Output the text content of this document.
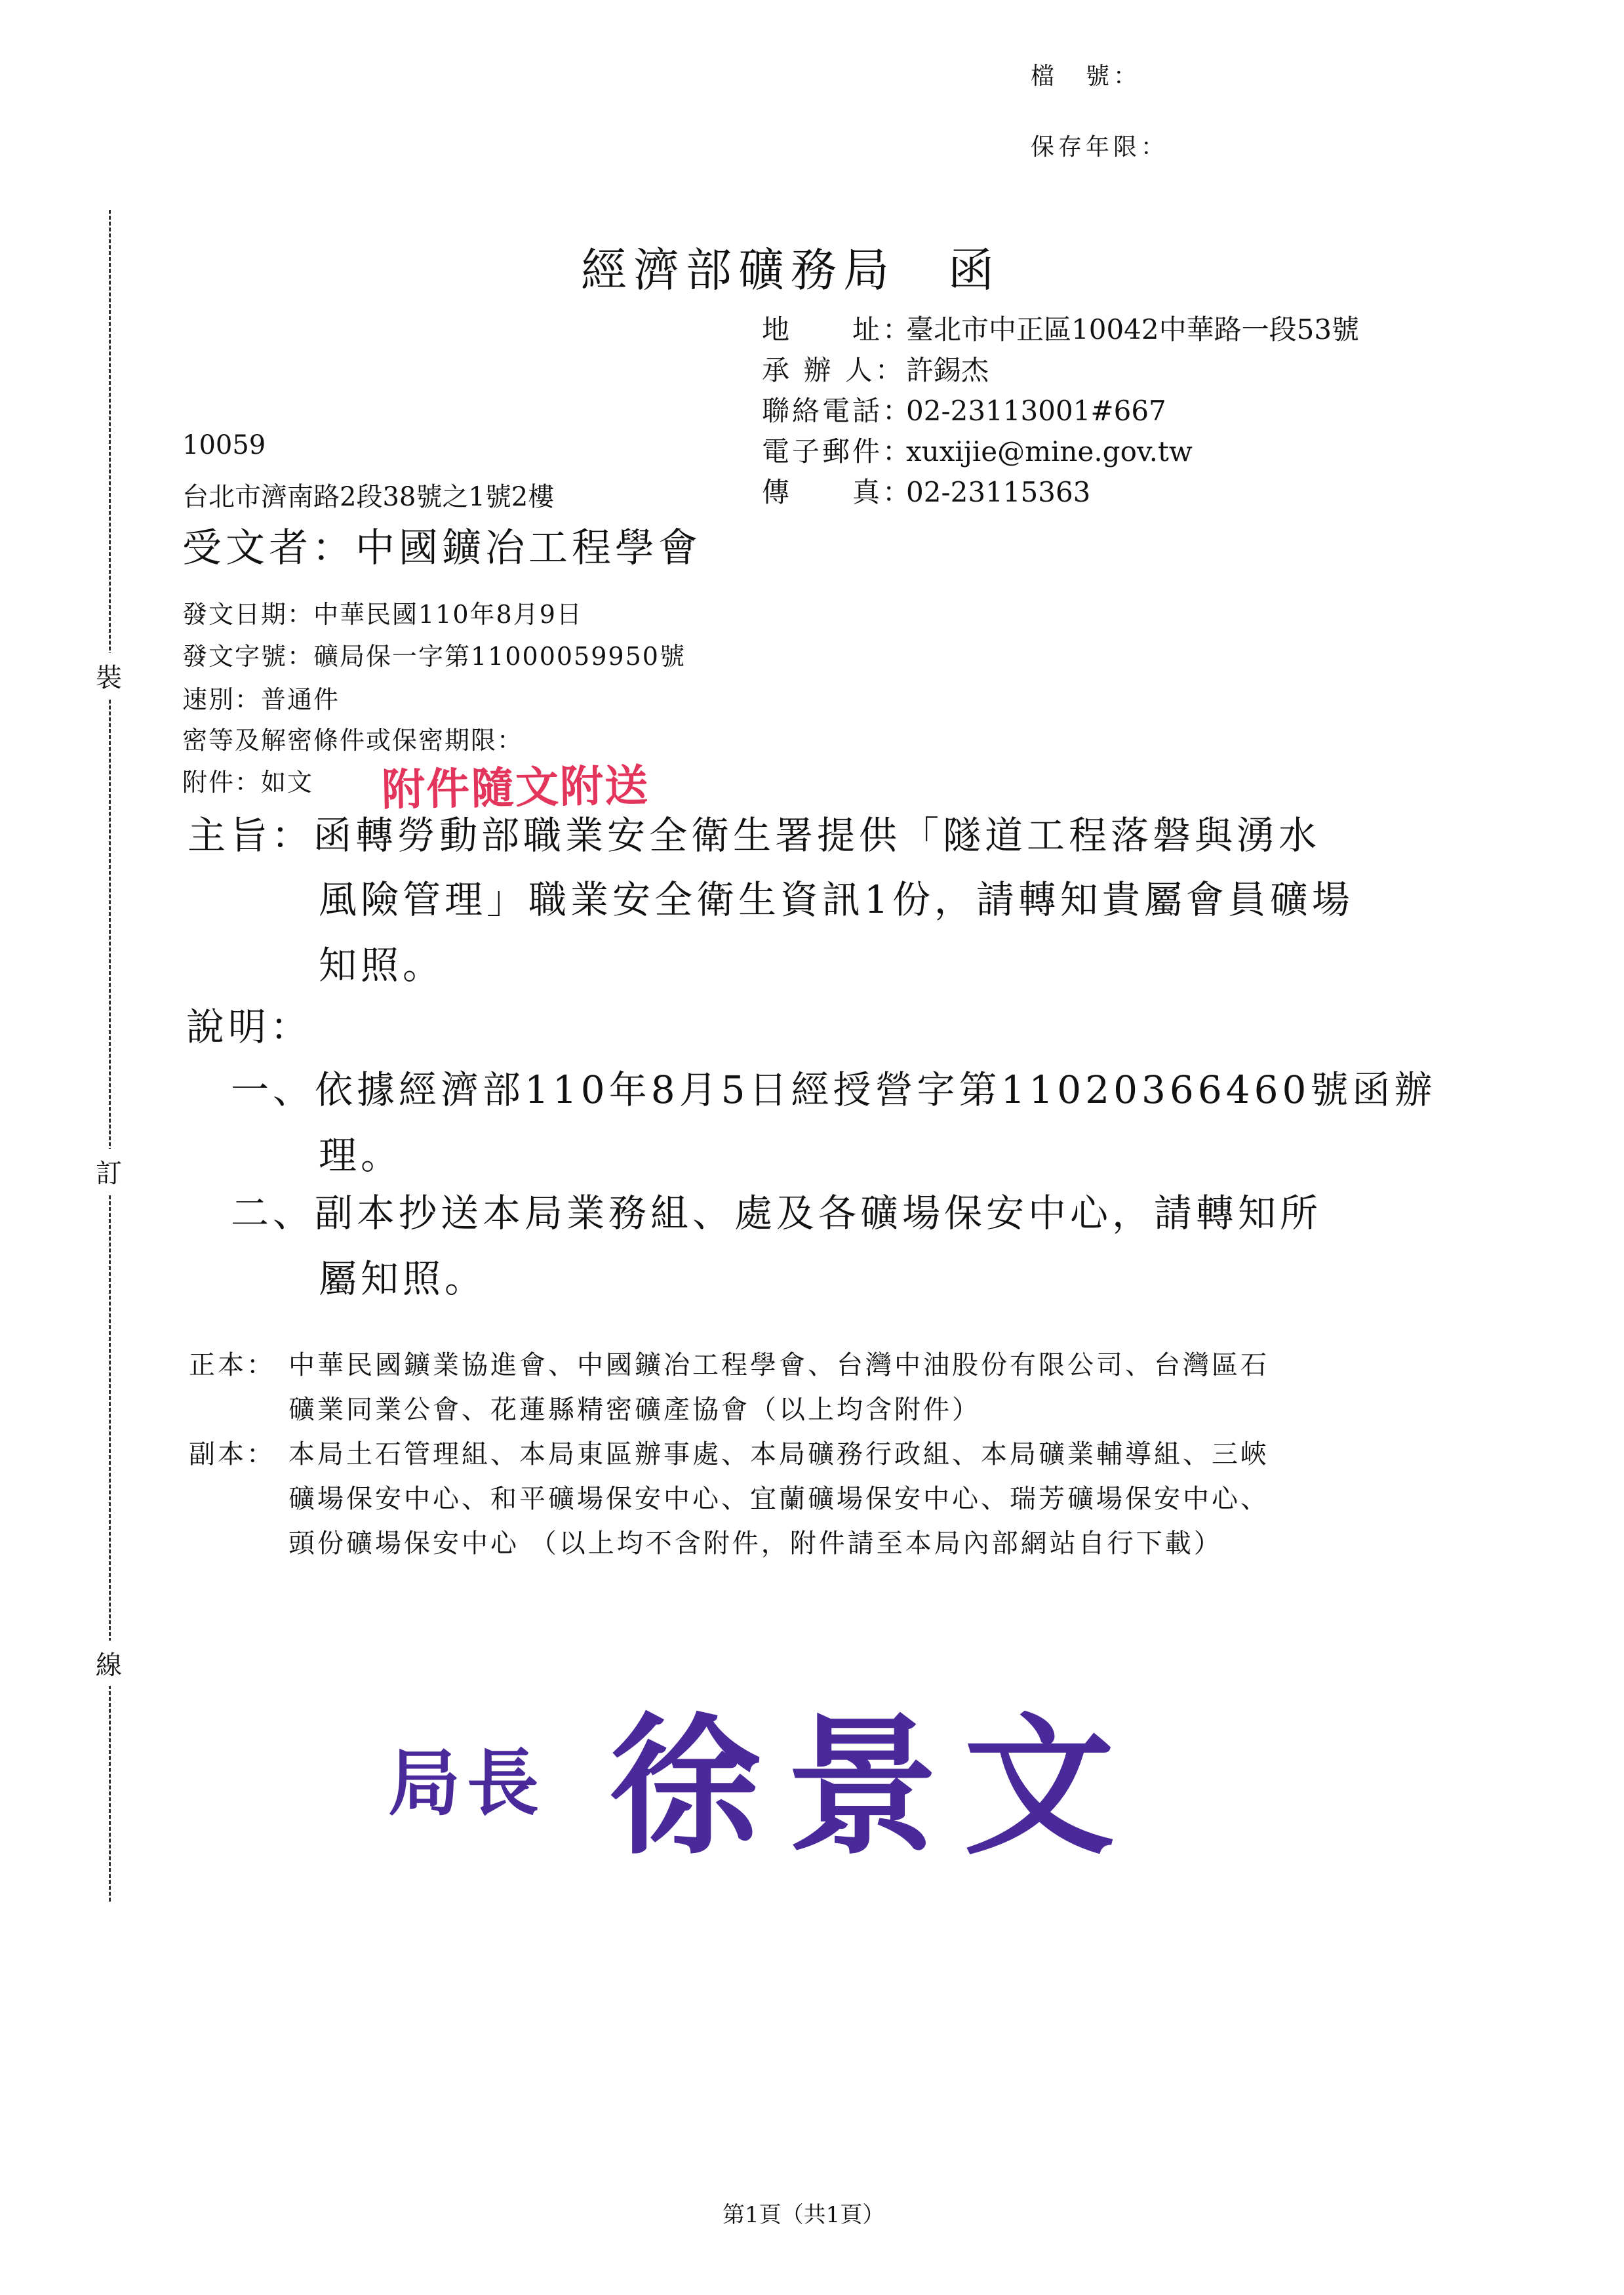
檔　號：
保存年限：
裝
訂
線
經濟部礦務局　函
地　　址：臺北市中正區10042中華路一段53號
承 辦 人：許錫杰
聯絡電話：02-23113001#667
電子郵件：xuxijie@mine.gov.tw
傳　　真：02-23115363
10059
台北市濟南路2段38號之1號2樓
受文者：中國鑛冶工程學會
發文日期：中華民國110年8月9日
發文字號：礦局保一字第11000059950號
速別：普通件
密等及解密條件或保密期限：
附件：如文 附件隨文附送
主旨：函轉勞動部職業安全衛生署提供「隧道工程落磐與湧水
風險管理」職業安全衛生資訊1份，請轉知貴屬會員礦場
知照。
說明：
一、依據經濟部110年8月5日經授營字第11020366460號函辦
理。
二、副本抄送本局業務組、處及各礦場保安中心，請轉知所
屬知照。
正本： 中華民國鑛業協進會、中國鑛冶工程學會、台灣中油股份有限公司、台灣區石
礦業同業公會、花蓮縣精密礦產協會（以上均含附件）
副本： 本局土石管理組、本局東區辦事處、本局礦務行政組、本局礦業輔導組、三峽
礦場保安中心、和平礦場保安中心、宜蘭礦場保安中心、瑞芳礦場保安中心、
頭份礦場保安中心 （以上均不含附件，附件請至本局內部網站自行下載）
局長 徐景文
第1頁（共1頁）
